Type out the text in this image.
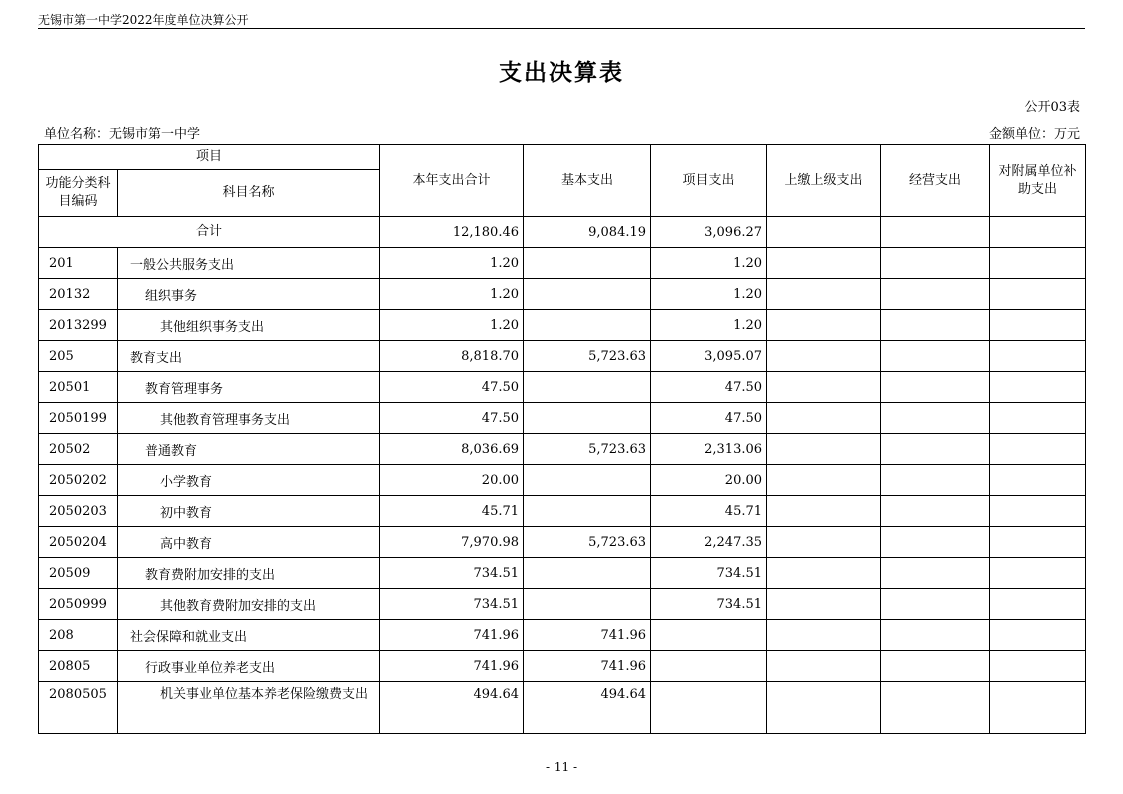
无锡市第一中学2022年度单位决算公开
支出决算表
公开03表
单位名称：无锡市第一中学	金额单位：万元
项目		本年支出合计	基本支出	项目支出	上缴上级支出	经营支出	对附属单位补助支出
功能分类科目编码	科目名称						
合计		12,180.46	9,084.19	3,096.27			
201	一般公共服务支出	1.20		1.20			
20132	组织事务	1.20		1.20			
2013299	其他组织事务支出	1.20		1.20			
205	教育支出	8,818.70	5,723.63	3,095.07			
20501	教育管理事务	47.50		47.50			
2050199	其他教育管理事务支出	47.50		47.50			
20502	普通教育	8,036.69	5,723.63	2,313.06			
2050202	小学教育	20.00		20.00			
2050203	初中教育	45.71		45.71			
2050204	高中教育	7,970.98	5,723.63	2,247.35			
20509	教育费附加安排的支出	734.51		734.51			
2050999	其他教育费附加安排的支出	734.51		734.51			
208	社会保障和就业支出	741.96	741.96				
20805	行政事业单位养老支出	741.96	741.96				
2080505	机关事业单位基本养老保险缴费支出	494.64	494.64				
- 11 -
